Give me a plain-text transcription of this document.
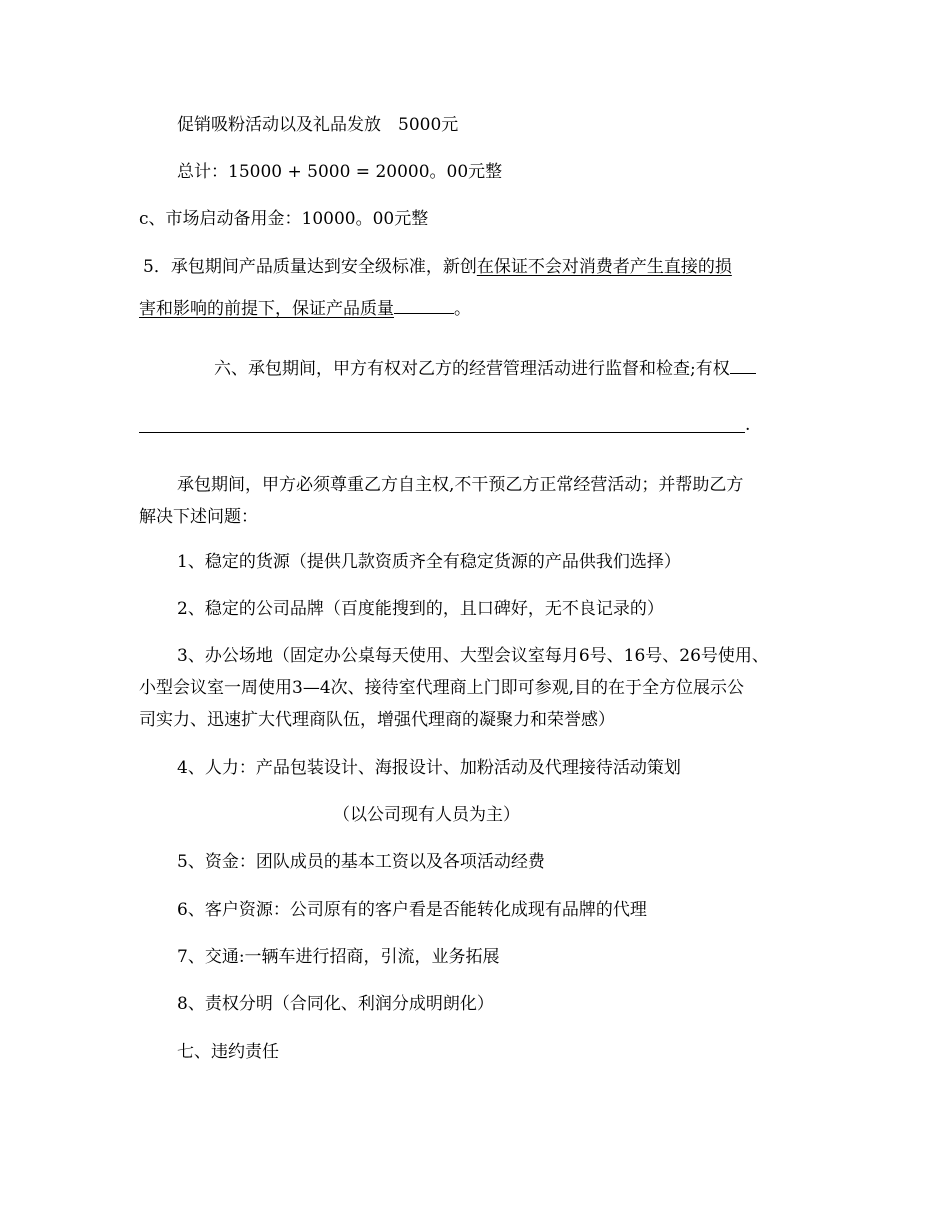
促销吸粉活动以及礼品发放　5000元
总计：15000 + 5000 = 20000。00元整
c、市场启动备用金：10000。00元整
5．承包期间产品质量达到安全级标准，新创在保证不会对消费者产生直接的损
害和影响的前提下，保证产品质量	。
六、承包期间，甲方有权对乙方的经营管理活动进行监督和检查;有权
.
承包期间，甲方必须尊重乙方自主权,不干预乙方正常经营活动；并帮助乙方
解决下述问题：
1、稳定的货源（提供几款资质齐全有稳定货源的产品供我们选择）
2、稳定的公司品牌（百度能搜到的，且口碑好，无不良记录的）
3、办公场地（固定办公桌每天使用、大型会议室每月6号、16号、26号使用、
小型会议室一周使用3—4次、接待室代理商上门即可参观,目的在于全方位展示公
司实力、迅速扩大代理商队伍，增强代理商的凝聚力和荣誉感）
4、人力：产品包装设计、海报设计、加粉活动及代理接待活动策划
（以公司现有人员为主）
5、资金：团队成员的基本工资以及各项活动经费
6、客户资源：公司原有的客户看是否能转化成现有品牌的代理
7、交通:一辆车进行招商，引流，业务拓展
8、责权分明（合同化、利润分成明朗化）
七、违约责任
